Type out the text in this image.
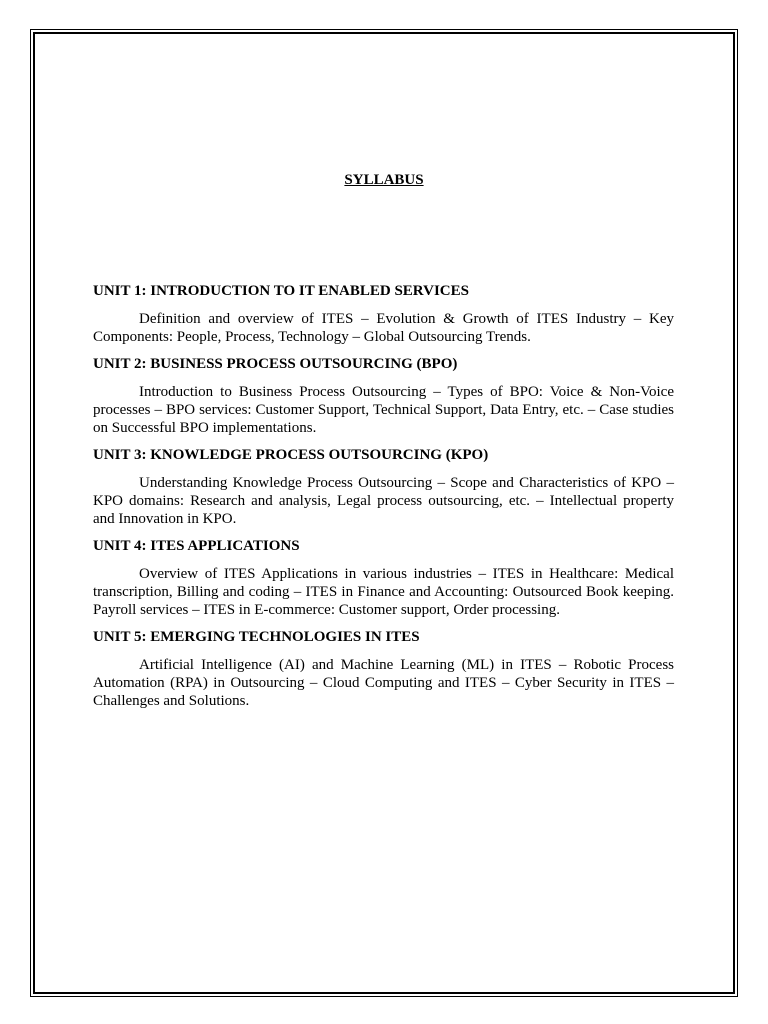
SYLLABUS
UNIT 1: INTRODUCTION TO IT ENABLED SERVICES

Definition and overview of ITES – Evolution & Growth of ITES Industry – Key Components: People, Process, Technology – Global Outsourcing Trends.

UNIT 2: BUSINESS PROCESS OUTSOURCING (BPO)

Introduction to Business Process Outsourcing – Types of BPO: Voice & Non-Voice processes – BPO services: Customer Support, Technical Support, Data Entry, etc. – Case studies on Successful BPO implementations.

UNIT 3: KNOWLEDGE PROCESS OUTSOURCING (KPO)

Understanding Knowledge Process Outsourcing – Scope and Characteristics of KPO – KPO domains: Research and analysis, Legal process outsourcing, etc. – Intellectual property and Innovation in KPO.

UNIT 4: ITES APPLICATIONS

Overview of ITES Applications in various industries – ITES in Healthcare: Medical transcription, Billing and coding – ITES in Finance and Accounting: Outsourced Book keeping. Payroll services – ITES in E-commerce: Customer support, Order processing.

UNIT 5: EMERGING TECHNOLOGIES IN ITES

Artificial Intelligence (AI) and Machine Learning (ML) in ITES – Robotic Process Automation (RPA) in Outsourcing – Cloud Computing and ITES – Cyber Security in ITES – Challenges and Solutions.
